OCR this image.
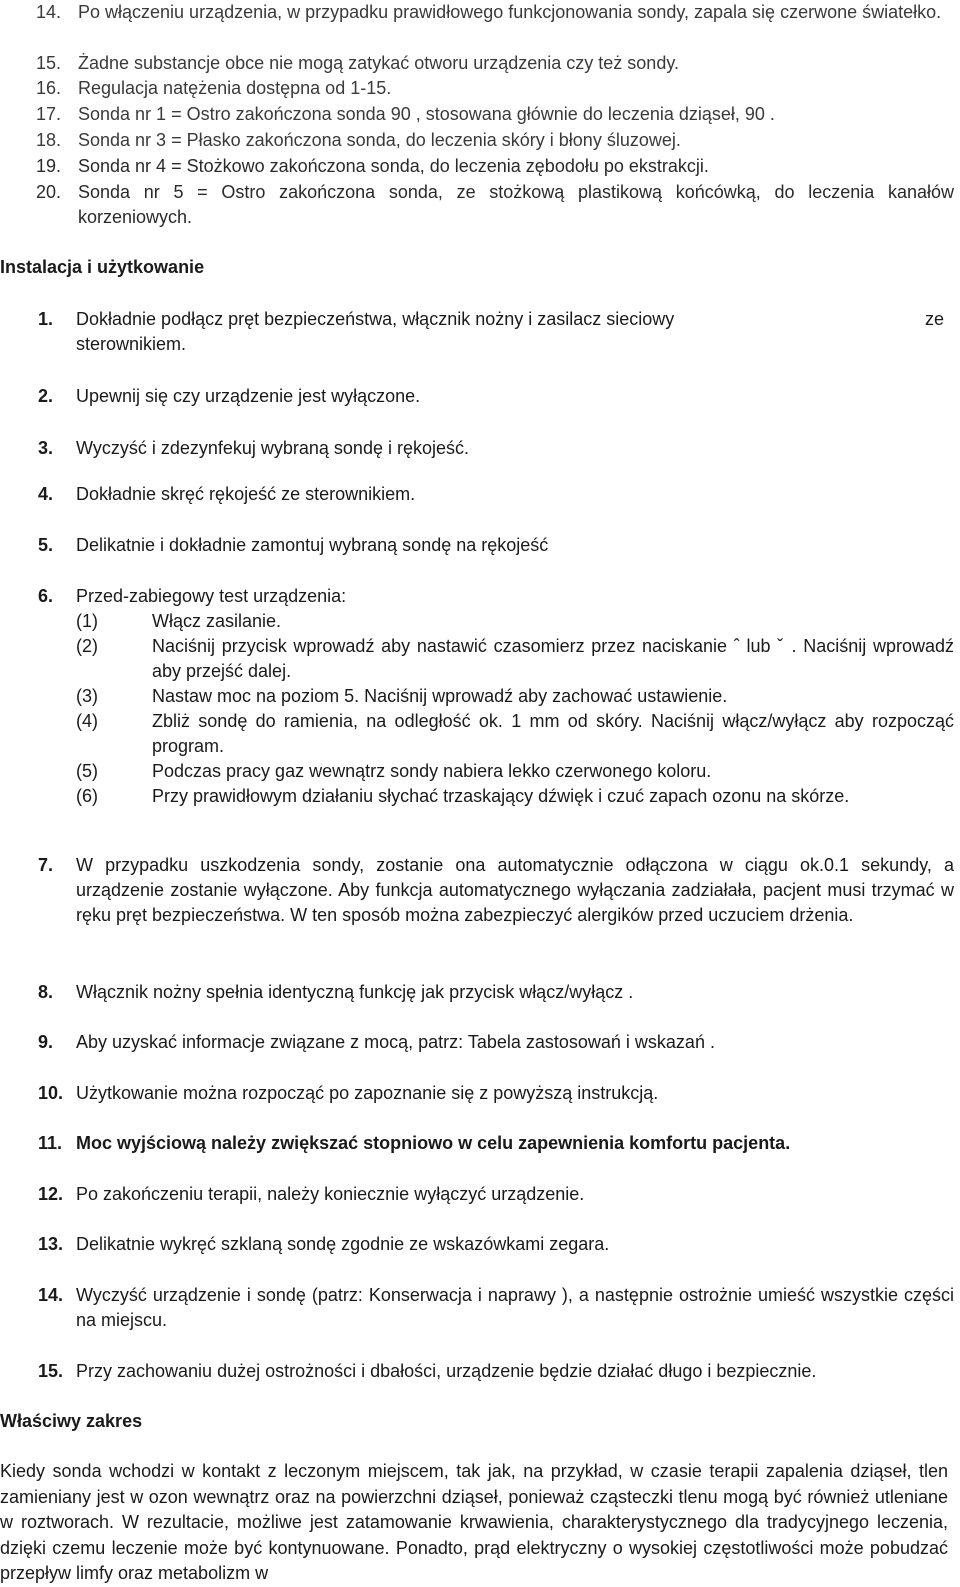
14. Po włączeniu urządzenia, w przypadku prawidłowego funkcjonowania sondy, zapala się czerwone światełko.
15. Żadne substancje obce nie mogą zatykać otworu urządzenia czy też sondy.
16. Regulacja natężenia dostępna od 1-15.
17. Sonda nr 1 = Ostro zakończona sonda 90 , stosowana głównie do leczenia dziąseł, 90 .
18. Sonda nr 3 = Płasko zakończona sonda, do leczenia skóry i błony śluzowej.
19. Sonda nr 4 = Stożkowo zakończona sonda, do leczenia zębodołu po ekstrakcji.
20. Sonda nr 5 = Ostro zakończona sonda, ze stożkową plastikową końcówką, do leczenia kanałów korzeniowych.
Instalacja i użytkowanie
1.	Dokładnie podłącz pręt bezpieczeństwa, włącznik nożny i zasilacz sieciowy	ze
sterownikiem.
2.	Upewnij się czy urządzenie jest wyłączone.
3.	Wyczyść i zdezynfekuj wybraną sondę i rękojeść.
4.	Dokładnie skręć rękojeść ze sterownikiem.
5.	Delikatnie i dokładnie zamontuj wybraną sondę na rękojeść
6.	Przed-zabiegowy test urządzenia:
(1)	Włącz zasilanie.
(2)	Naciśnij przycisk wprowadź aby nastawić czasomierz przez naciskanie ˆ lub ˇ . Naciśnij wprowadź aby przejść dalej.
(3)	Nastaw moc na poziom 5. Naciśnij wprowadź aby zachować ustawienie.
(4)	Zbliż sondę do ramienia, na odległość ok. 1 mm od skóry. Naciśnij włącz/wyłącz aby rozpocząć program.
(5)	Podczas pracy gaz wewnątrz sondy nabiera lekko czerwonego koloru.
(6)	Przy prawidłowym działaniu słychać trzaskający dźwięk i czuć zapach ozonu na skórze.
7.	W przypadku uszkodzenia sondy, zostanie ona automatycznie odłączona w ciągu ok.0.1 sekundy, a urządzenie zostanie wyłączone. Aby funkcja automatycznego wyłączania zadziałała, pacjent musi trzymać w ręku pręt bezpieczeństwa. W ten sposób można zabezpieczyć alergików przed uczuciem drżenia.
8.	Włącznik nożny spełnia identyczną funkcję jak przycisk włącz/wyłącz .
9.	Aby uzyskać informacje związane z mocą, patrz: Tabela zastosowań i wskazań .
10. Użytkowanie można rozpocząć po zapoznanie się z powyższą instrukcją.
11. Moc wyjściową należy zwiększać stopniowo w celu zapewnienia komfortu pacjenta.
12. Po zakończeniu terapii, należy koniecznie wyłączyć urządzenie.
13. Delikatnie wykręć szklaną sondę zgodnie ze wskazówkami zegara.
14. Wyczyść urządzenie i sondę (patrz: Konserwacja i naprawy ), a następnie ostrożnie umieść wszystkie części na miejscu.
15. Przy zachowaniu dużej ostrożności i dbałości, urządzenie będzie działać długo i bezpiecznie.
Właściwy zakres
Kiedy sonda wchodzi w kontakt z leczonym miejscem, tak jak, na przykład, w czasie terapii zapalenia dziąseł, tlen zamieniany jest w ozon wewnątrz oraz na powierzchni dziąseł, ponieważ cząsteczki tlenu mogą być również utleniane w roztworach. W rezultacie, możliwe jest zatamowanie krwawienia, charakterystycznego dla tradycyjnego leczenia, dzięki czemu leczenie może być kontynuowane. Ponadto, prąd elektryczny o wysokiej częstotliwości może pobudzać przepływ limfy oraz metabolizm w
